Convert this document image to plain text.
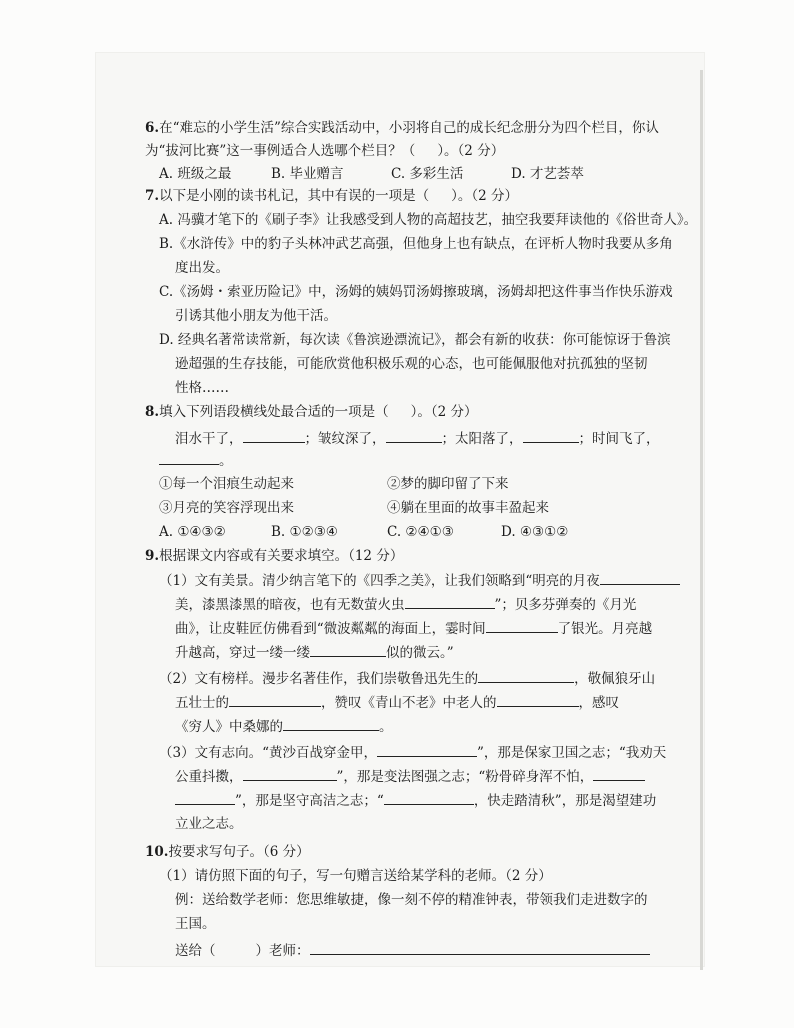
6.在“难忘的小学生活”综合实践活动中，小羽将自己的成长纪念册分为四个栏目，你认
为“拔河比赛”这一事例适合人选哪个栏目？（ ）。（2 分）
A. 班级之最	B. 毕业赠言	C. 多彩生活	D. 才艺荟萃
7.以下是小刚的读书札记，其中有误的一项是（ ）。（2 分）
A. 冯骥才笔下的《刷子李》让我感受到人物的高超技艺，抽空我要拜读他的《俗世奇人》。
B.《水浒传》中的豹子头林冲武艺高强，但他身上也有缺点，在评析人物时我要从多角
度出发。
C.《汤姆・索亚历险记》中，汤姆的姨妈罚汤姆擦玻璃，汤姆却把这件事当作快乐游戏
引诱其他小朋友为他干活。
D. 经典名著常读常新，每次读《鲁滨逊漂流记》，都会有新的收获：你可能惊讶于鲁滨
逊超强的生存技能，可能欣赏他积极乐观的心态，也可能佩服他对抗孤独的坚韧
性格……
8.填入下列语段横线处最合适的一项是（ ）。（2 分）
泪水干了，	；皱纹深了，	；太阳落了，	；时间飞了，
。
①每一个泪痕生动起来	②梦的脚印留了下来
③月亮的笑容浮现出来	④躺在里面的故事丰盈起来
A. ①④③②	B. ①②③④	C. ②④①③	D. ④③①②
9.根据课文内容或有关要求填空。（12 分）
（1）文有美景。清少纳言笔下的《四季之美》，让我们领略到“明亮的月夜
美，漆黑漆黑的暗夜，也有无数萤火虫	”；贝多芬弹奏的《月光
曲》，让皮鞋匠仿佛看到“微波粼粼的海面上，霎时间	了银光。月亮越
升越高，穿过一缕一缕	似的微云。”
（2）文有榜样。漫步名著佳作，我们崇敬鲁迅先生的	，敬佩狼牙山
五壮士的	，赞叹《青山不老》中老人的	，感叹
《穷人》中桑娜的	。
（3）文有志向。“黄沙百战穿金甲，	”，那是保家卫国之志；“我劝天
公重抖擞，	”，那是变法图强之志；“粉骨碎身浑不怕，
”，那是坚守高洁之志；“	，快走踏清秋”，那是渴望建功
立业之志。
10.按要求写句子。（6 分）
（1）请仿照下面的句子，写一句赠言送给某学科的老师。（2 分）
例：送给数学老师：您思维敏捷，像一刻不停的精准钟表，带领我们走进数字的
王国。
送给（	）老师：
